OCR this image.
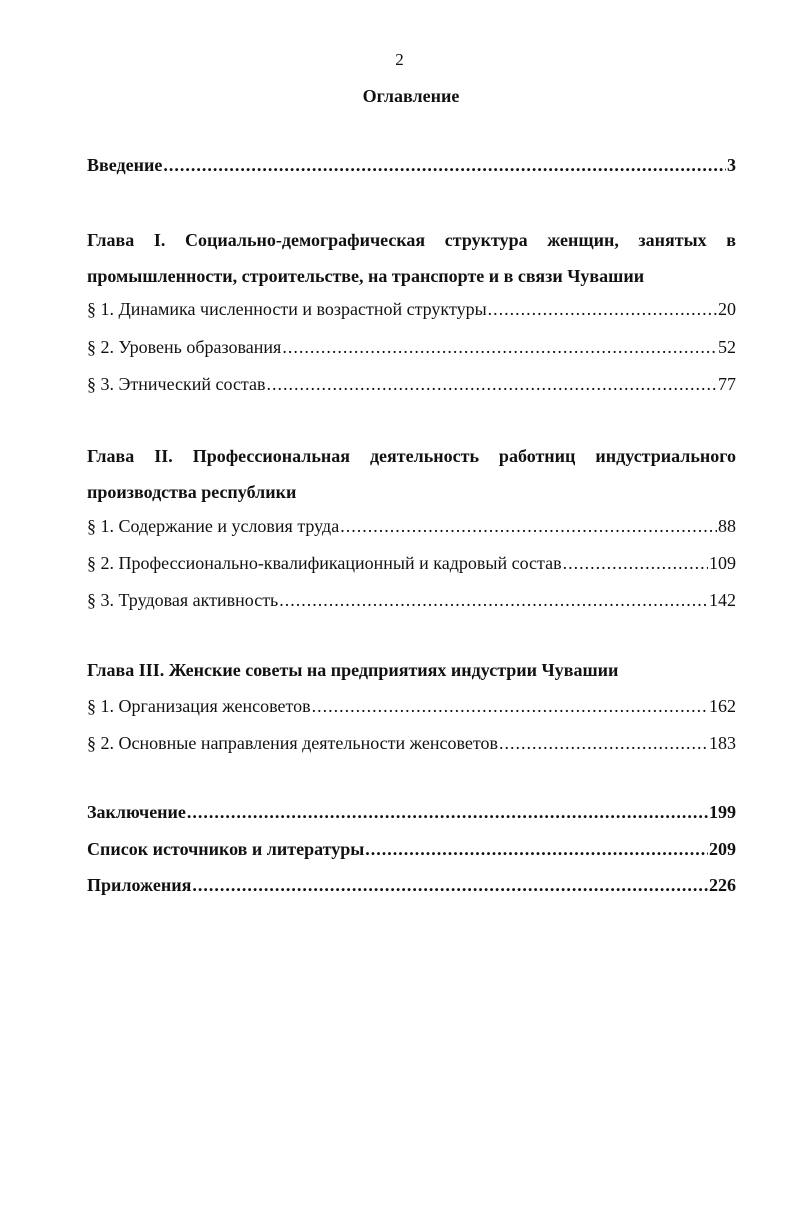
2
Оглавление
Введение .....	3
Глава I. Социально-демографическая структура женщин, занятых в промышленности, строительстве, на транспорте и в связи Чувашии
§ 1. Динамика численности и возрастной структуры .....	20
§ 2. Уровень образования .....	52
§ 3. Этнический состав .....	77
Глава II. Профессиональная деятельность работниц индустриального производства республики
§ 1. Содержание и условия труда .....	88
§ 2. Профессионально-квалификационный и кадровый состав .....	109
§ 3. Трудовая активность .....	142
Глава III. Женские советы на предприятиях индустрии Чувашии
§ 1. Организация женсоветов .....	162
§ 2. Основные направления деятельности женсоветов .....	183
Заключение .....	199
Список источников и литературы .....	209
Приложения .....	226
